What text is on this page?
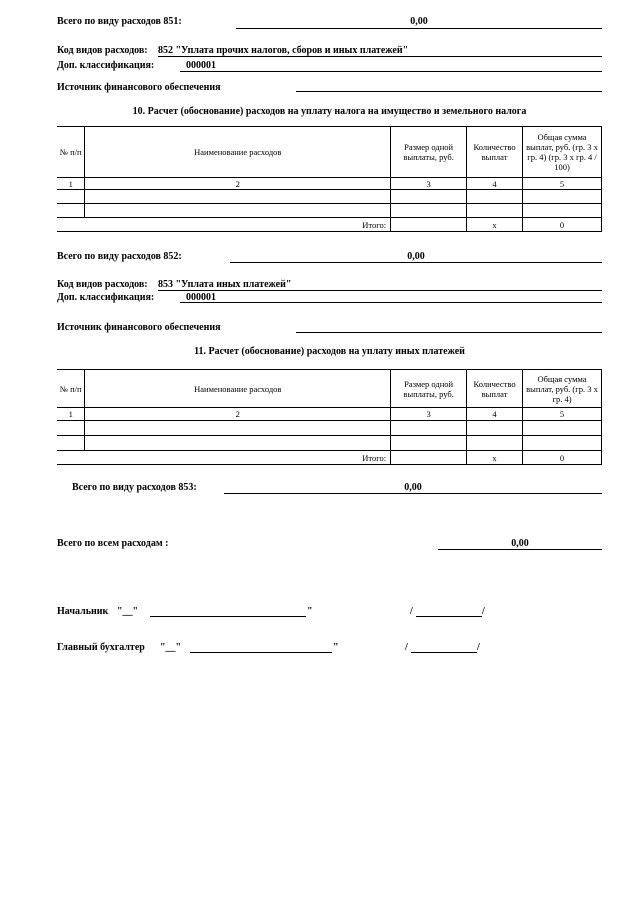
Всего по виду расходов 851:	0,00
Код видов расходов: 852 "Уплата прочих налогов, сборов и иных платежей"
Доп. классификация:	000001
Источник финансового обеспечения
10. Расчет (обоснование) расходов на уплату налога на имущество и земельного налога
№ п/п	Наименование расходов	Размер одной выплаты, руб.	Количество выплат	Общая сумма выплат, руб. (гр. 3 х гр. 4) (гр. 3 х гр. 4 / 100)
1	2	3	4	5

	Итого:		x	0
Всего по виду расходов 852:	0,00
Код видов расходов: 853 "Уплата иных платежей"
Доп. классификация:	000001
Источник финансового обеспечения
11. Расчет (обоснование) расходов на уплату иных платежей
№ п/п	Наименование расходов	Размер одной выплаты, руб.	Количество выплат	Общая сумма выплат, руб. (гр. 3 х гр. 4)
1	2	3	4	5

	Итого:		x	0
Всего по виду расходов 853:	0,00
Всего по всем расходам :	0,00
Начальник "__"	"	/	/
Главный бухгалтер "__"	"	/	/
